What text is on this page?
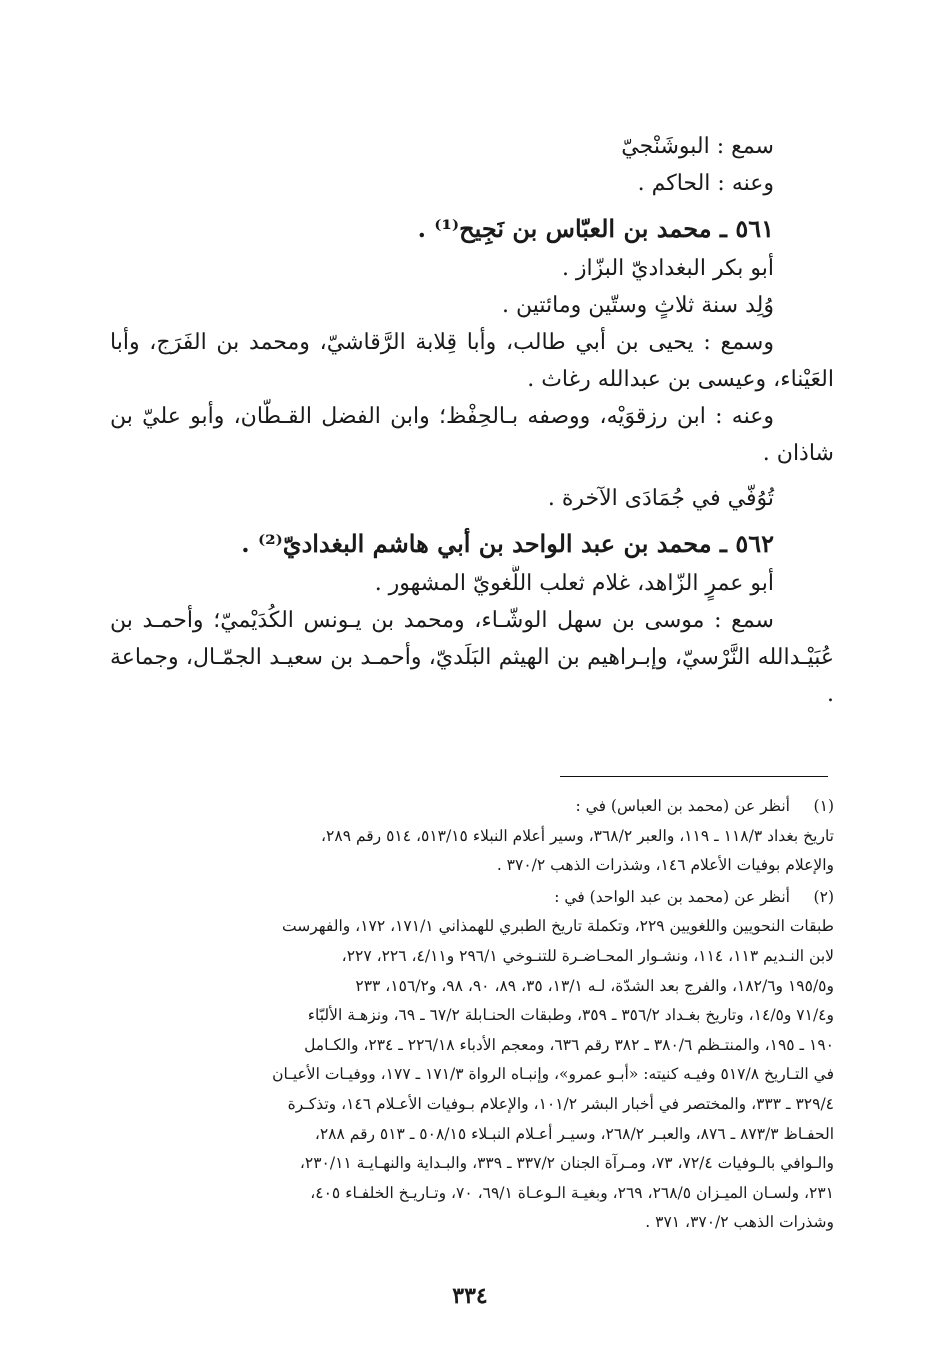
سمع : البوشَنْجيّ

وعنه : الحاكم .

٥٦١ ـ محمد بن العبّاس بن نَجِيح⁽¹⁾ .

أبو بكر البغداديّ البزّاز .

وُلِد سنة ثلاثٍ وستّين ومائتين .

وسمع : يحيى بن أبي طالب، وأبا قِلابة الرَّقاشيّ، ومحمد بن الفَرَج، وأبا العَيْناء، وعيسى بن عبدالله رغاث .

وعنه : ابن رزقوَيْه، ووصفه بـالحِفْظ؛ وابن الفضل القـطّان، وأبو عليّ بن شاذان .

تُوُفّي في جُمَادَى الآخرة .

٥٦٢ ـ محمد بن عبد الواحد بن أبي هاشم البغداديّ⁽²⁾ .

أبو عمرٍ الزّاهد، غلام ثعلب اللُّغويّ المشهور .

سمع : موسى بن سهل الوشّـاء، ومحمد بن يـونس الكُدَيْميّ؛ وأحمـد بن عُبَيْـدالله النَّرْسيّ، وإبـراهيم بن الهيثم البَلَديّ، وأحمـد بن سعيـد الجمّـال، وجماعة .

(١)
أنظر عن (محمد بن العباس) في :
تاريخ بغداد ١١٨/٣ ـ ١١٩، والعبر ٣٦٨/٢، وسير أعلام النبلاء ٥١٣/١٥، ٥١٤ رقم ٢٨٩،
والإعلام بوفيات الأعلام ١٤٦، وشذرات الذهب ٣٧٠/٢ .
(٢)
أنظر عن (محمد بن عبد الواحد) في :
طبقات النحويين واللغويين ٢٢٩، وتكملة تاريخ الطبري للهمذاني ١٧١/١، ١٧٢، والفهرست
لابن النـديم ١١٣، ١١٤، ونشـوار المحـاضـرة للتنـوخي ٢٩٦/١ و٤/١١، ٢٢٦، ٢٢٧،
و١٩٥/٥ و١٨٢/٦، والفرج بعد الشدّة، لـه ١٣/١، ٣٥، ٨٩، ٩٠، ٩٨، و١٥٦/٢، ٢٣٣
و٧١/٤ و١٤/٥، وتاريخ بغـداد ٣٥٦/٢ ـ ٣٥٩، وطبقات الحنـابلة ٦٧/٢ ـ ٦٩، ونزهـة الألبّاء
١٩٠ ـ ١٩٥، والمنتـظم ٣٨٠/٦ ـ ٣٨٢ رقم ٦٣٦، ومعجم الأدباء ٢٢٦/١٨ ـ ٢٣٤، والكـامل
في التـاريخ ٥١٧/٨ وفيـه كنيته: «أبـو عمرو»، وإنبـاه الرواة ١٧١/٣ ـ ١٧٧، ووفيـات الأعيـان
٣٢٩/٤ ـ ٣٣٣، والمختصر في أخبار البشر ١٠١/٢، والإعلام بـوفيات الأعـلام ١٤٦، وتذكـرة
الحفـاظ ٨٧٣/٣ ـ ٨٧٦، والعبـر ٢٦٨/٢، وسيـر أعـلام النبـلاء ٥٠٨/١٥ ـ ٥١٣ رقم ٢٨٨،
والـوافي بالـوفيات ٧٢/٤، ٧٣، ومـرآة الجنان ٣٣٧/٢ ـ ٣٣٩، والبـداية والنهـايـة ٢٣٠/١١،
٢٣١، ولسـان الميـزان ٢٦٨/٥، ٢٦٩، وبغيـة الـوعـاة ٦٩/١، ٧٠، وتـاريـخ الخلفـاء ٤٠٥،
وشذرات الذهب ٣٧٠/٢، ٣٧١ .
٣٣٤
